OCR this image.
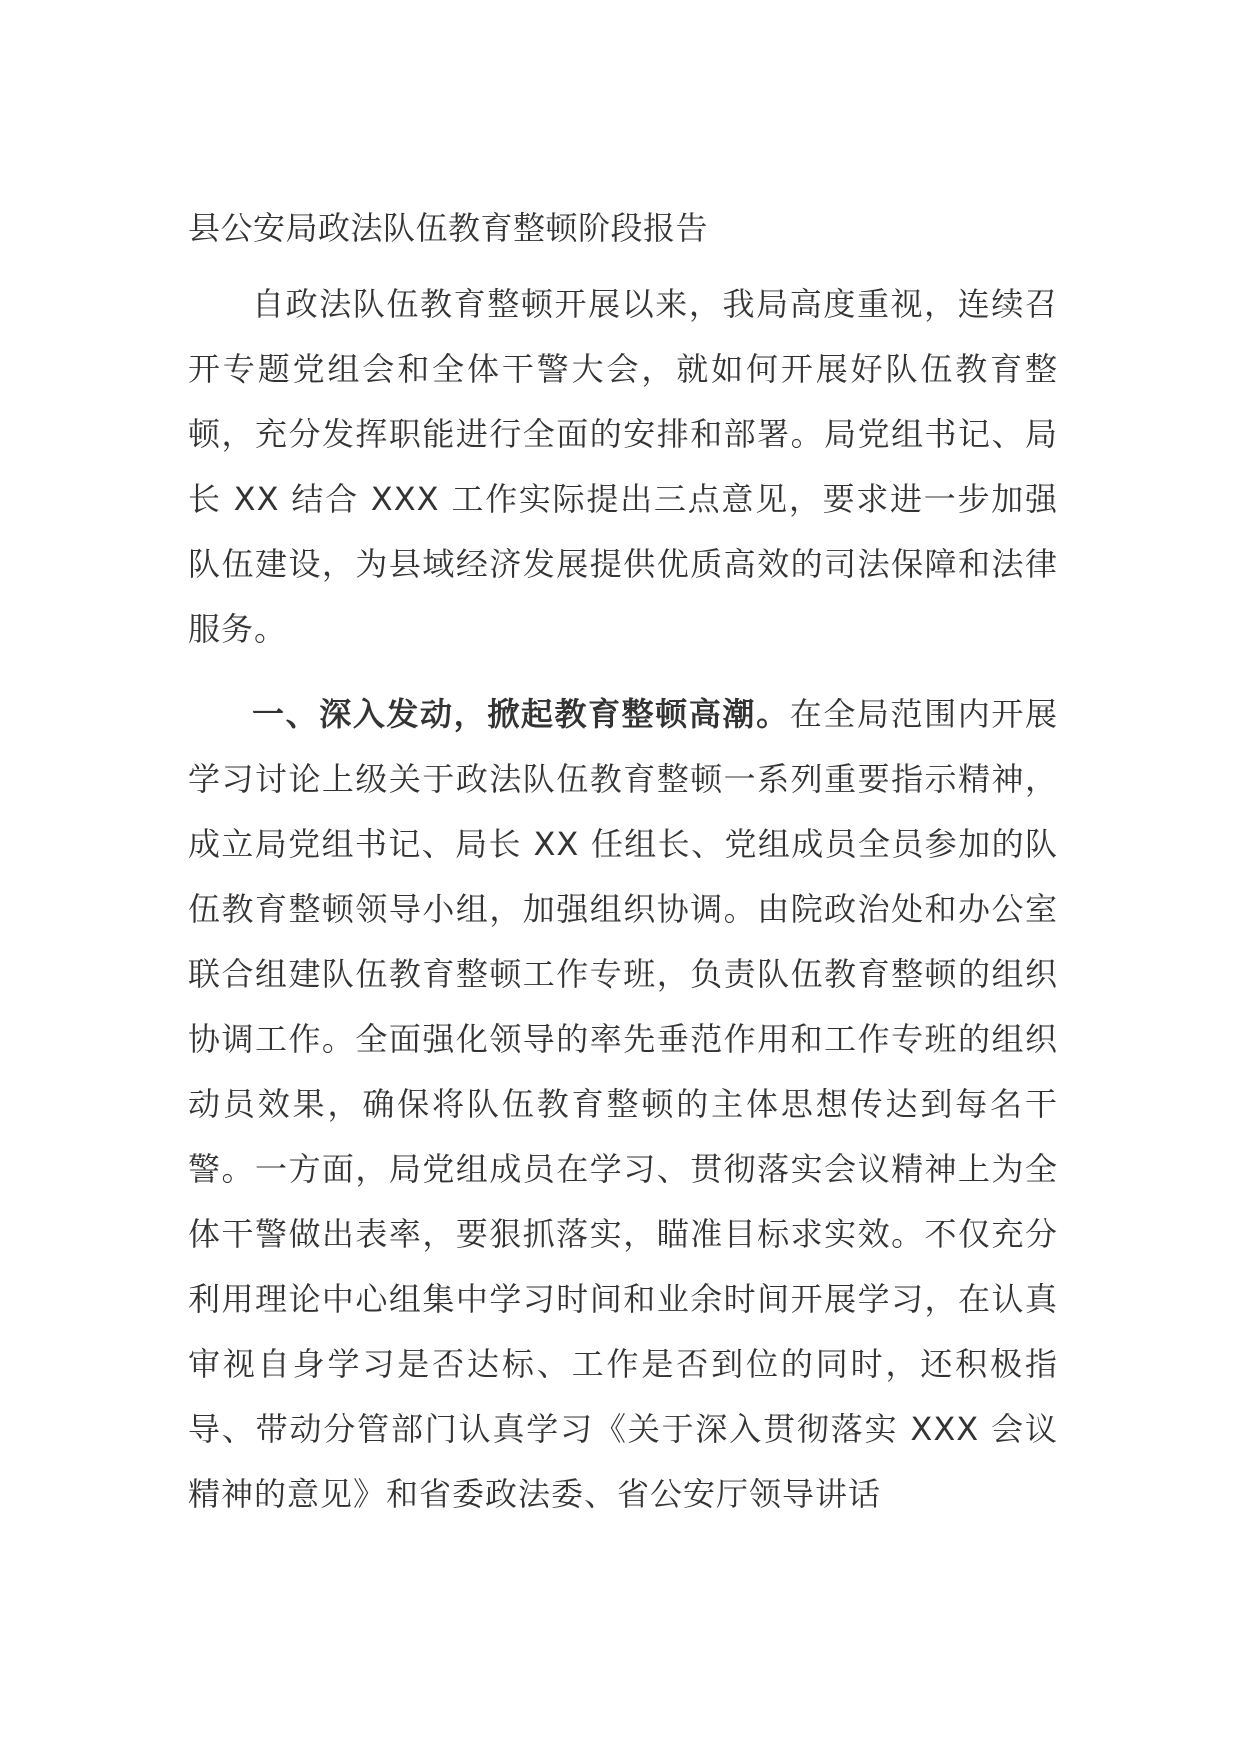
县公安局政法队伍教育整顿阶段报告

自政法队伍教育整顿开展以来，我局高度重视，连续召开专题党组会和全体干警大会，就如何开展好队伍教育整顿，充分发挥职能进行全面的安排和部署。局党组书记、局长 XX 结合 XXX 工作实际提出三点意见，要求进一步加强队伍建设，为县域经济发展提供优质高效的司法保障和法律服务。

一、深入发动，掀起教育整顿高潮。在全局范围内开展学习讨论上级关于政法队伍教育整顿一系列重要指示精神，成立局党组书记、局长 XX 任组长、党组成员全员参加的队伍教育整顿领导小组，加强组织协调。由院政治处和办公室联合组建队伍教育整顿工作专班，负责队伍教育整顿的组织协调工作。全面强化领导的率先垂范作用和工作专班的组织动员效果，确保将队伍教育整顿的主体思想传达到每名干警。一方面，局党组成员在学习、贯彻落实会议精神上为全体干警做出表率，要狠抓落实，瞄准目标求实效。不仅充分利用理论中心组集中学习时间和业余时间开展学习，在认真审视自身学习是否达标、工作是否到位的同时，还积极指导、带动分管部门认真学习《关于深入贯彻落实 XXX 会议精神的意见》和省委政法委、省公安厅领导讲话
